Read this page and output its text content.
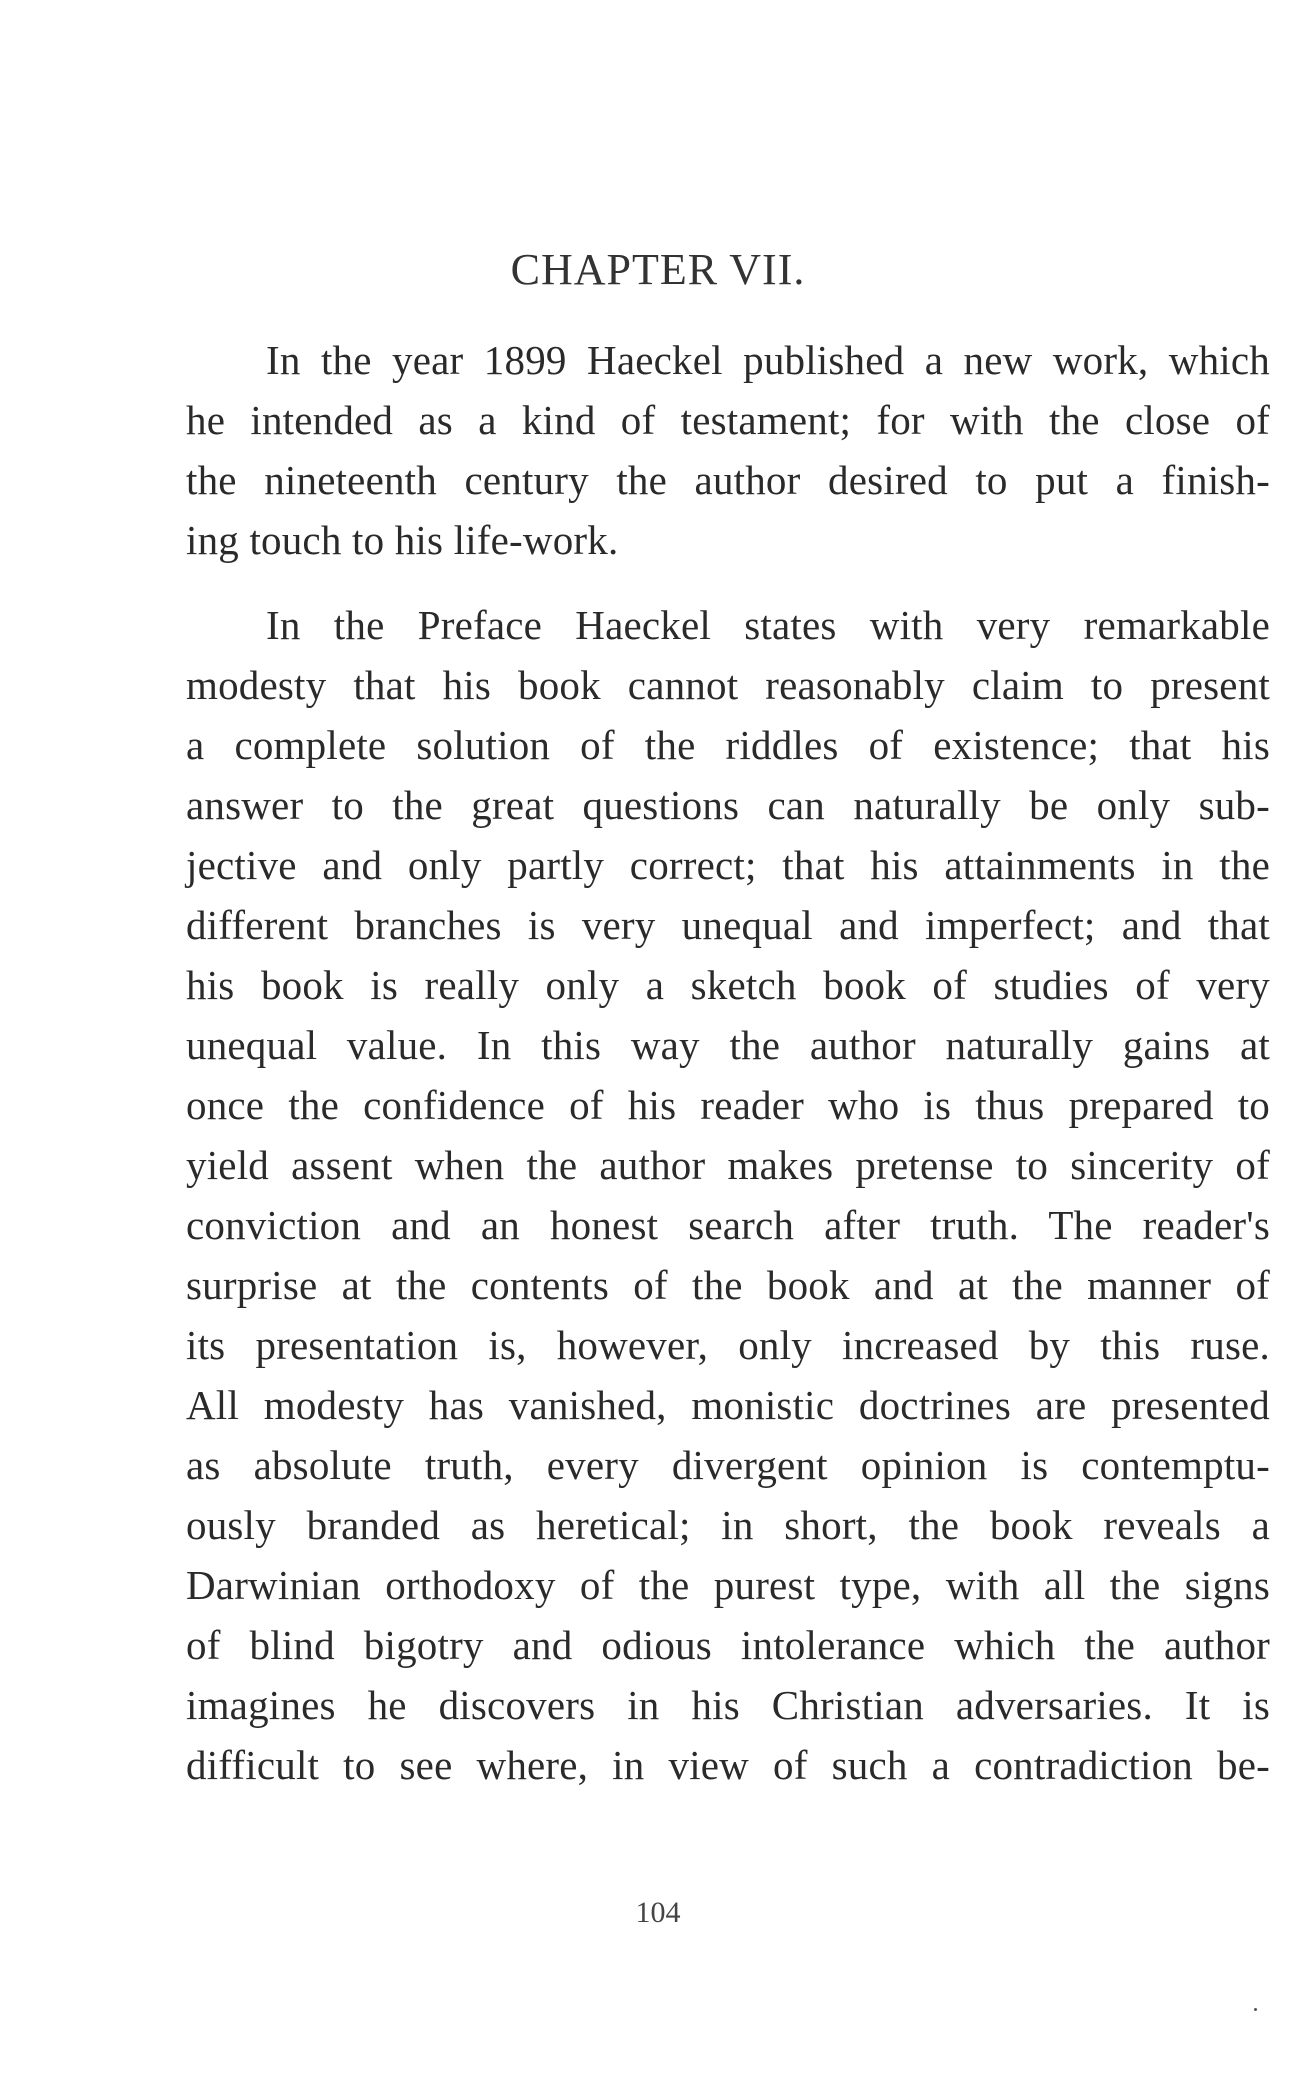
CHAPTER VII.
In the year 1899 Haeckel published a new work, which
he intended as a kind of testament; for with the close of
the nineteenth century the author desired to put a finish-
ing touch to his life-work.
In the Preface Haeckel states with very remarkable
modesty that his book cannot reasonably claim to present
a complete solution of the riddles of existence; that his
answer to the great questions can naturally be only sub-
jective and only partly correct; that his attainments in the
different branches is very unequal and imperfect; and that
his book is really only a sketch book of studies of very
unequal value. In this way the author naturally gains at
once the confidence of his reader who is thus prepared to
yield assent when the author makes pretense to sincerity of
conviction and an honest search after truth. The reader's
surprise at the contents of the book and at the manner of
its presentation is, however, only increased by this ruse.
All modesty has vanished, monistic doctrines are presented
as absolute truth, every divergent opinion is contemptu-
ously branded as heretical; in short, the book reveals a
Darwinian orthodoxy of the purest type, with all the signs
of blind bigotry and odious intolerance which the author
imagines he discovers in his Christian adversaries. It is
difficult to see where, in view of such a contradiction be-
104
